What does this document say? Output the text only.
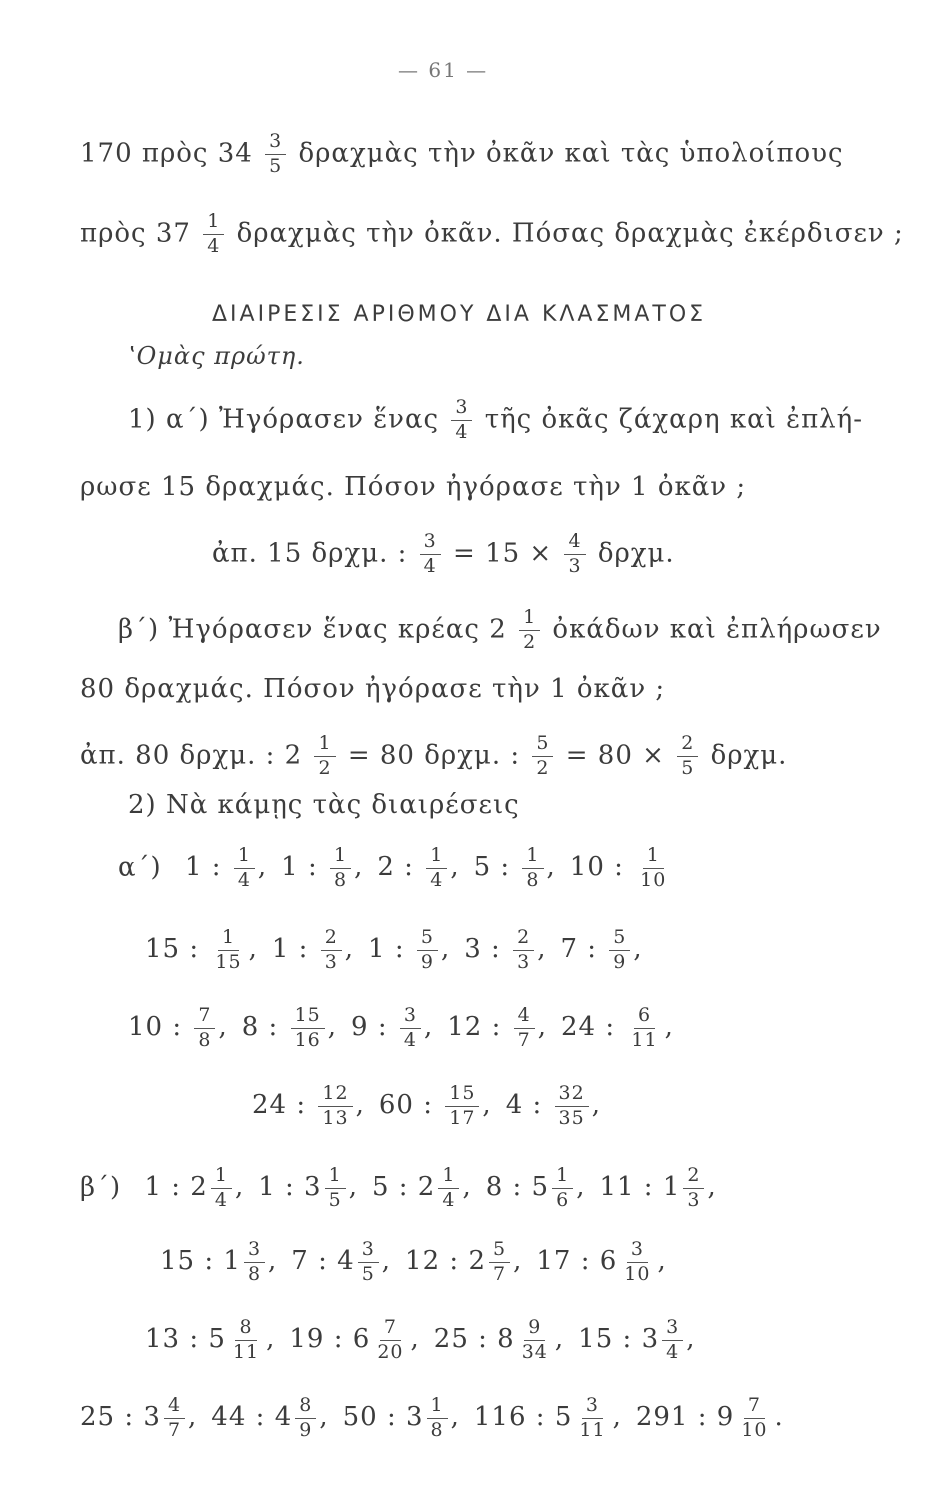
— 61 —
170 πρὸς $34 \frac{3}{5}$ δραχμὰς τὴν ὀκᾶν καὶ τὰς ὑπολοίπους
πρὸς $37 \frac{1}{4}$ δραχμὰς τὴν ὀκᾶν. Πόσας δραχμὰς ἐκέρδισεν ;
ΔΙΑΙΡΕΣΙΣ ΑΡΙΘΜΟΥ ΔΙΑ ΚΛΑΣΜΑΤΟΣ
ʽΟμὰς πρώτη.
1) α΄) Ἠγόρασεν ἕνας $\frac{3}{4}$ τῆς ὀκᾶς ζάχαρη καὶ ἐπλή-
ρωσε 15 δραχμάς. Πόσον ἠγόρασε τὴν 1 ὀκᾶν ;
ἀπ. 15 δρχμ. : $\frac{3}{4} = 15 \times \frac{4}{3} \delta\rho\chi\mu$.
β΄) Ἠγόρασεν ἕνας κρέας $2 \frac{1}{2}$ ὀκάδων καὶ ἐπλήρωσεν
80 δραχμάς. Πόσον ἠγόρασε τὴν 1 ὀκᾶν ;
ἀπ. 80 δρχμ. : $2 \frac{1}{2} = 80$ δρχμ. : $\frac{5}{2} = 80 \times \frac{2}{5} \delta\rho\chi\mu$.
2) Νὰ κάμῃς τὰς διαιρέσεις
α΄) 1 : $\frac{1}{4}$ , 1 : $\frac{1}{8}$ , 2 : $\frac{1}{4}$ , 5 : $\frac{1}{8}$ , 10 : $\frac{1}{10}$
15 : $\frac{1}{15}$ , 1 : $\frac{2}{3}$ , 1 : $\frac{5}{9}$ , 3 : $\frac{2}{3}$ , 7 : $\frac{5}{9}$ ,
10 : $\frac{7}{8}$ , 8 : $\frac{15}{16}$ , 9 : $\frac{3}{4}$ , 12 : $\frac{4}{7}$ , 24 : $\frac{6}{11}$ ,
24 : $\frac{12}{13}$ , 60 : $\frac{15}{17}$ , 4 : $\frac{32}{35}$ ,
β΄) 1 : $2 \frac{1}{4}$ , 1 : $3 \frac{1}{5}$ , 5 : $2 \frac{1}{4}$ , 8 : $5 \frac{1}{6}$ , 11 : $1 \frac{2}{3}$ ,
15 : $1 \frac{3}{8}$ , 7 : $4 \frac{3}{5}$ , 12 : $2 \frac{5}{7}$ , 17 : $6 \frac{3}{10}$ ,
13 : $5 \frac{8}{11}$ , 19 : $6 \frac{7}{20}$ , 25 : $8 \frac{9}{34}$ , 15 : $3 \frac{3}{4}$ ,
25 : $3 \frac{4}{7}$ , 44 : $4 \frac{8}{9}$ , 50 : $3 \frac{1}{8}$ , 116 : $5 \frac{3}{11}$ , 291 : $9 \frac{7}{10}$ .
